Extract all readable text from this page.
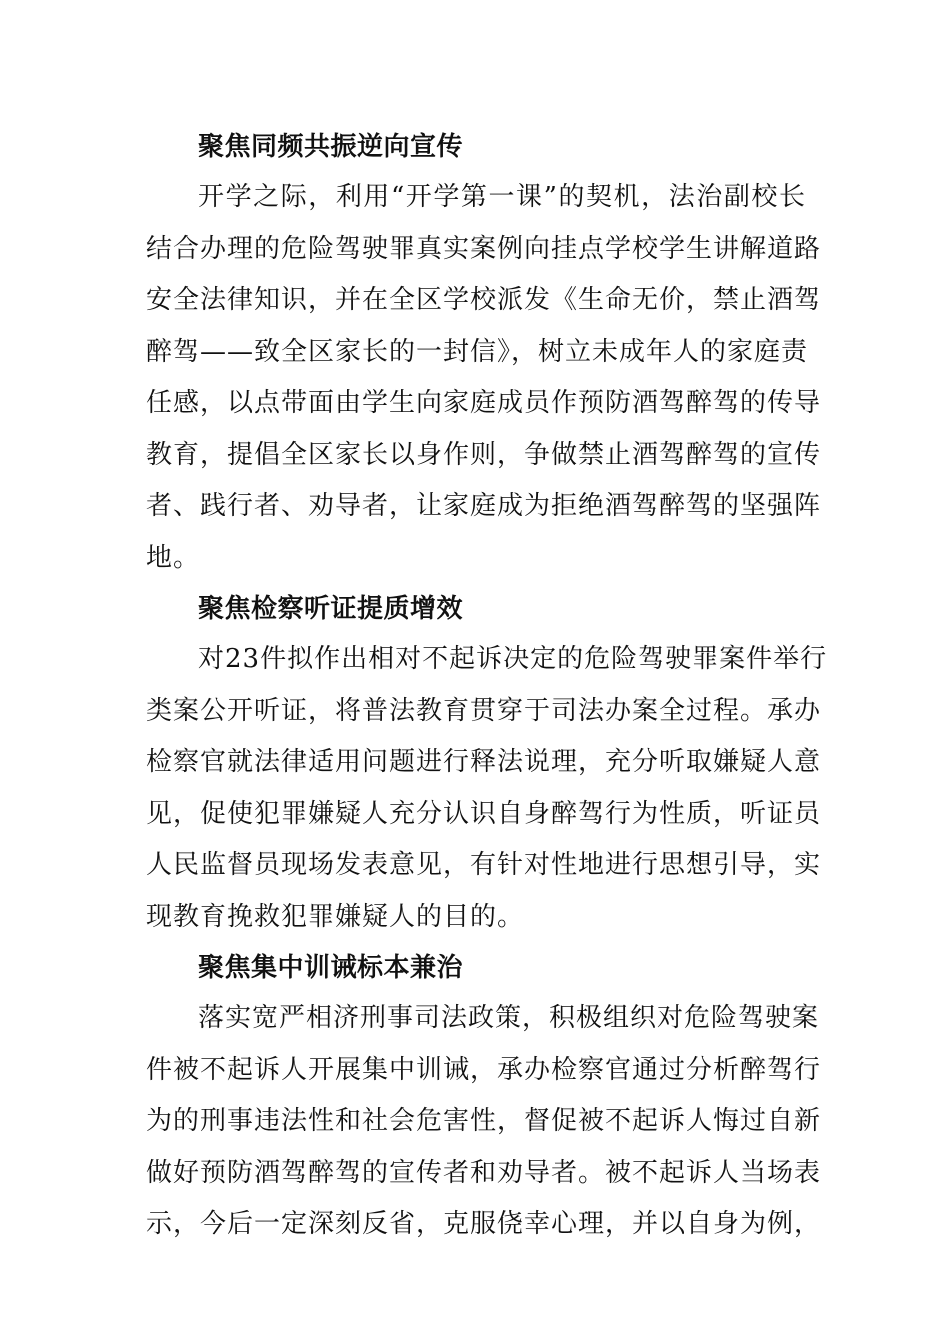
聚焦同频共振逆向宣传
开学之际，利用“开学第一课”的契机，法治副校长
结合办理的危险驾驶罪真实案例向挂点学校学生讲解道路
安全法律知识，并在全区学校派发《生命无价，禁止酒驾
醉驾——致全区家长的一封信》，树立未成年人的家庭责
任感，以点带面由学生向家庭成员作预防酒驾醉驾的传导
教育，提倡全区家长以身作则，争做禁止酒驾醉驾的宣传
者、践行者、劝导者，让家庭成为拒绝酒驾醉驾的坚强阵
地。
聚焦检察听证提质增效
对23件拟作出相对不起诉决定的危险驾驶罪案件举行
类案公开听证，将普法教育贯穿于司法办案全过程。承办
检察官就法律适用问题进行释法说理，充分听取嫌疑人意
见，促使犯罪嫌疑人充分认识自身醉驾行为性质，听证员
人民监督员现场发表意见，有针对性地进行思想引导，实
现教育挽救犯罪嫌疑人的目的。
聚焦集中训诫标本兼治
落实宽严相济刑事司法政策，积极组织对危险驾驶案
件被不起诉人开展集中训诫，承办检察官通过分析醉驾行
为的刑事违法性和社会危害性，督促被不起诉人悔过自新
做好预防酒驾醉驾的宣传者和劝导者。被不起诉人当场表
示，今后一定深刻反省，克服侥幸心理，并以自身为例，
